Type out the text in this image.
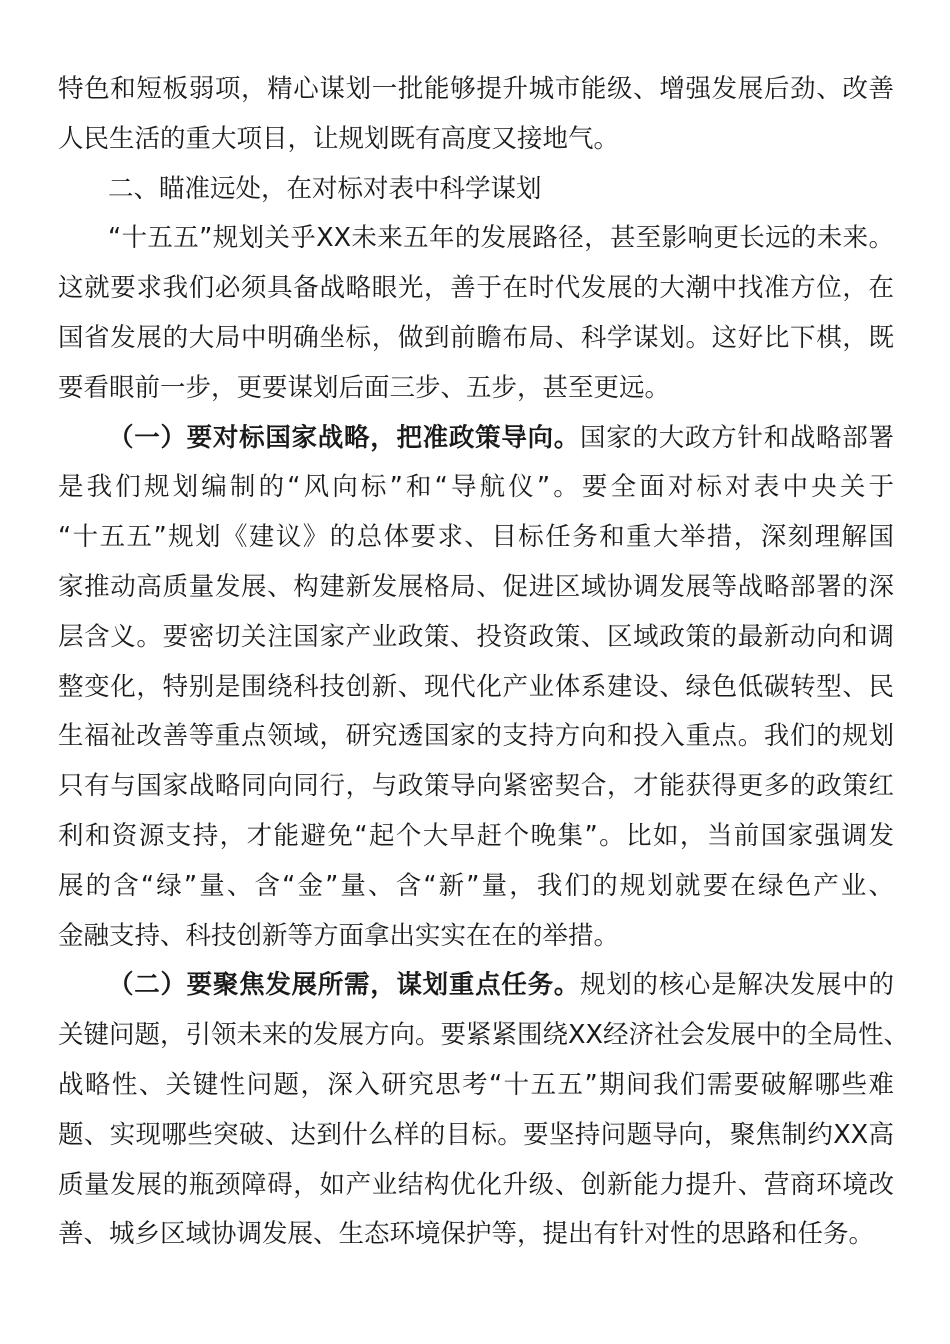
特色和短板弱项，精心谋划一批能够提升城市能级、增强发展后劲、改善
人民生活的重大项目，让规划既有高度又接地气。
二、瞄准远处，在对标对表中科学谋划
“十五五”规划关乎XX未来五年的发展路径，甚至影响更长远的未来。
这就要求我们必须具备战略眼光，善于在时代发展的大潮中找准方位，在
国省发展的大局中明确坐标，做到前瞻布局、科学谋划。这好比下棋，既
要看眼前一步，更要谋划后面三步、五步，甚至更远。
（一）要对标国家战略，把准政策导向。国家的大政方针和战略部署
是我们规划编制的“风向标”和“导航仪”。要全面对标对表中央关于
“十五五”规划《建议》的总体要求、目标任务和重大举措，深刻理解国
家推动高质量发展、构建新发展格局、促进区域协调发展等战略部署的深
层含义。要密切关注国家产业政策、投资政策、区域政策的最新动向和调
整变化，特别是围绕科技创新、现代化产业体系建设、绿色低碳转型、民
生福祉改善等重点领域，研究透国家的支持方向和投入重点。我们的规划
只有与国家战略同向同行，与政策导向紧密契合，才能获得更多的政策红
利和资源支持，才能避免“起个大早赶个晚集”。比如，当前国家强调发
展的含“绿”量、含“金”量、含“新”量，我们的规划就要在绿色产业、
金融支持、科技创新等方面拿出实实在在的举措。
（二）要聚焦发展所需，谋划重点任务。规划的核心是解决发展中的
关键问题，引领未来的发展方向。要紧紧围绕XX经济社会发展中的全局性、
战略性、关键性问题，深入研究思考“十五五”期间我们需要破解哪些难
题、实现哪些突破、达到什么样的目标。要坚持问题导向，聚焦制约XX高
质量发展的瓶颈障碍，如产业结构优化升级、创新能力提升、营商环境改
善、城乡区域协调发展、生态环境保护等，提出有针对性的思路和任务。
